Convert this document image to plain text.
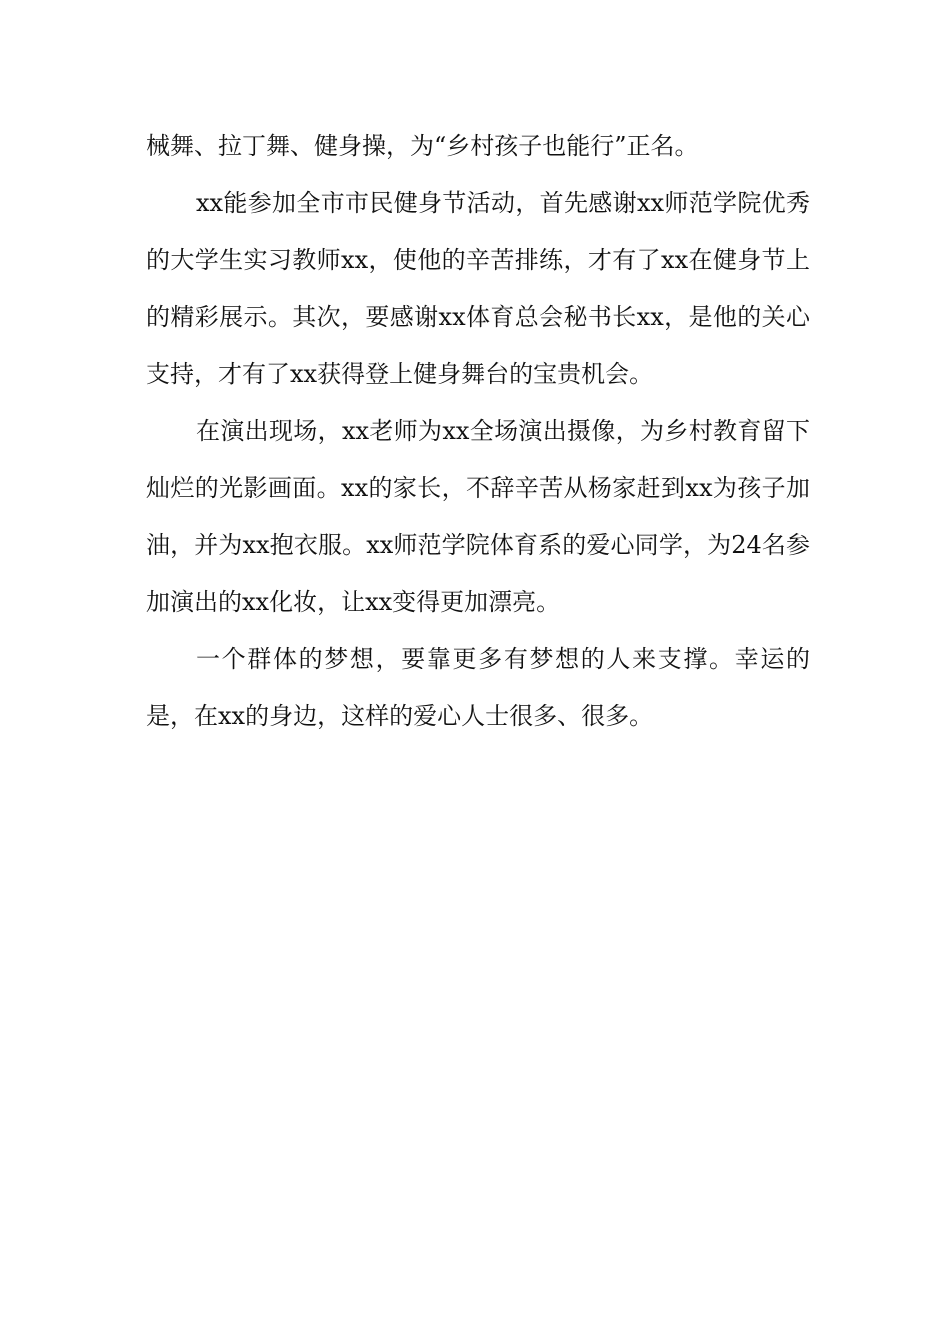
械舞、拉丁舞、健身操，为“乡村孩子也能行”正名。

xx能参加全市市民健身节活动，首先感谢xx师范学院优秀的大学生实习教师xx，使他的辛苦排练，才有了xx在健身节上的精彩展示。其次，要感谢xx体育总会秘书长xx，是他的关心支持，才有了xx获得登上健身舞台的宝贵机会。

在演出现场，xx老师为xx全场演出摄像，为乡村教育留下灿烂的光影画面。xx的家长，不辞辛苦从杨家赶到xx为孩子加油，并为xx抱衣服。xx师范学院体育系的爱心同学，为24名参加演出的xx化妆，让xx变得更加漂亮。

一个群体的梦想，要靠更多有梦想的人来支撑。幸运的是，在xx的身边，这样的爱心人士很多、很多。
